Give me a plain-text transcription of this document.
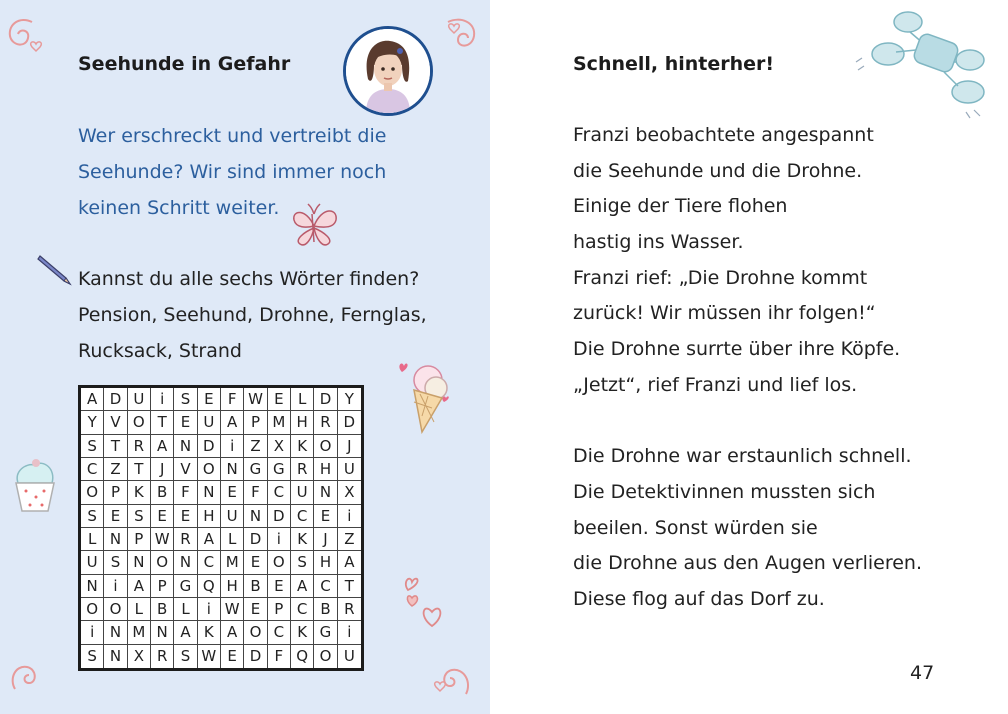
Seehunde in Gefahr
Wer erschreckt und vertreibt die
Seehunde? Wir sind immer noch
keinen Schritt weiter.
Kannst du alle sechs Wörter finden?
Pension, Seehund, Drohne, Fernglas,
Rucksack, Strand
A D U	i	S E F W E L D Y
Y V O T E U A P M H R D
S T R A N D	i	Z X K O	J
C Z T	J	V O N G G R H U
O P K B F N E F C U N X
S E S E E H U N D C E	i
L N P W R A L D	i	K	J	Z
U S N O N C M E O S H A
N	i	A P G Q H B E A C T
O O L B L	i W E P C B R
i	N M N A K A O C K G	i
S N X R S W E D F Q O U
Schnell, hinterher!
Franzi beobachtete angespannt
die Seehunde und die Drohne.
Einige der Tiere flohen
hastig ins Wasser.
Franzi rief: „Die Drohne kommt
zurück! Wir müssen ihr folgen!“
Die Drohne surrte über ihre Köpfe.
„Jetzt“, rief Franzi und lief los.
Die Drohne war erstaunlich schnell.
Die Detektivinnen mussten sich
beeilen. Sonst würden sie
die Drohne aus den Augen verlieren.
Diese flog auf das Dorf zu.
47
